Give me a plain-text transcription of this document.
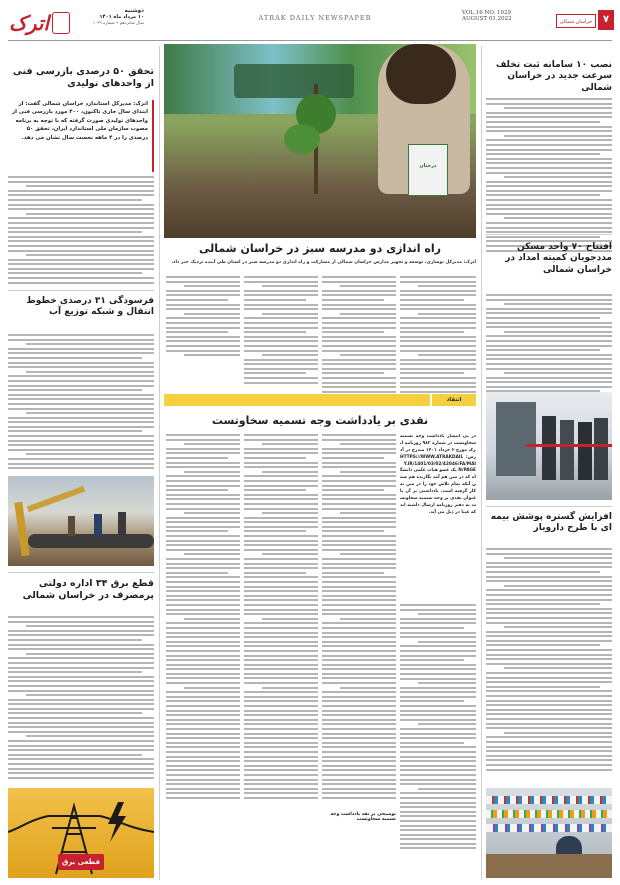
اترک	دوشنبه
۱۰ مرداد ماه ۱۴۰۱
سال شانزدهم • شماره ۱۰۲۹
ATRAK DAILY NEWSPAPER
VOL.16 NO. 1029
AUGUST 01,2022	خراسان شمالی	۷
تحقق ۵۰ درصدی بازرسی فنی از واحدهای تولیدی
اترک: مدیرکل استاندارد خراسان شمالی گفت: از ابتدای سال جاری تاکنون، ۴۰۰ مورد بازرسی فنی از واحدهای تولیدی صورت گرفته که با توجه به برنامه مصوب سازمان ملی استاندارد ایران، تحقق ۵۰ درصدی را در ۴ ماهه نخست سال نشان می دهد.
فرسودگی ۳۱ درصدی خطوط انتقال و شبکه توزیع آب
قطع برق ۳۴ اداره دولتی پرمصرف در خراسان شمالی
قطعی برق
درختان
راه اندازی دو مدرسه سبز در خراسان شمالی
اترک: مدیرکل نوسازی، توسعه و تجهیز مدارس خراسان شمالی از مشارکت و راه اندازی دو مدرسه سبز در استان طی آینده نزدیک خبر داد.
انتقاد
نقدی بر یادداشت وجه تسمیه سخاوتست
در پی انتشار یادداشت وجه تسمیه سخاوتست در شماره ۹۸۳ روزنامه اترک مورخ ۲ خرداد ۱۴۰۱ مندرج در آدرس: HTTPS://WWW.ATRAKDAILY.IR/1401/03/02/42046/FA/MAIN/PAGE یک عضو هیات علمی دانشگاه که در متن هم آمد نگارنده هم ضمن آنکه تمام تلاش خود را در متن به کار گرفته است. یادداشتی بر آن با عنوان نقدی بر وجه تسمیه سخاوتست به دفتر روزنامه ارسال داشته اند که عینا در ذیل می آید.
توضیحی بر نقد یادداشت وجه تسمیه سخاوتست
نصب ۱۰ سامانه ثبت تخلف سرعت جدید در خراسان شمالی
افتتاح ۷۰ واحد مسکن مددجویان کمیته امداد در خراسان شمالی
افزایش گستره پوشش بیمه ای با طرح دارویار
